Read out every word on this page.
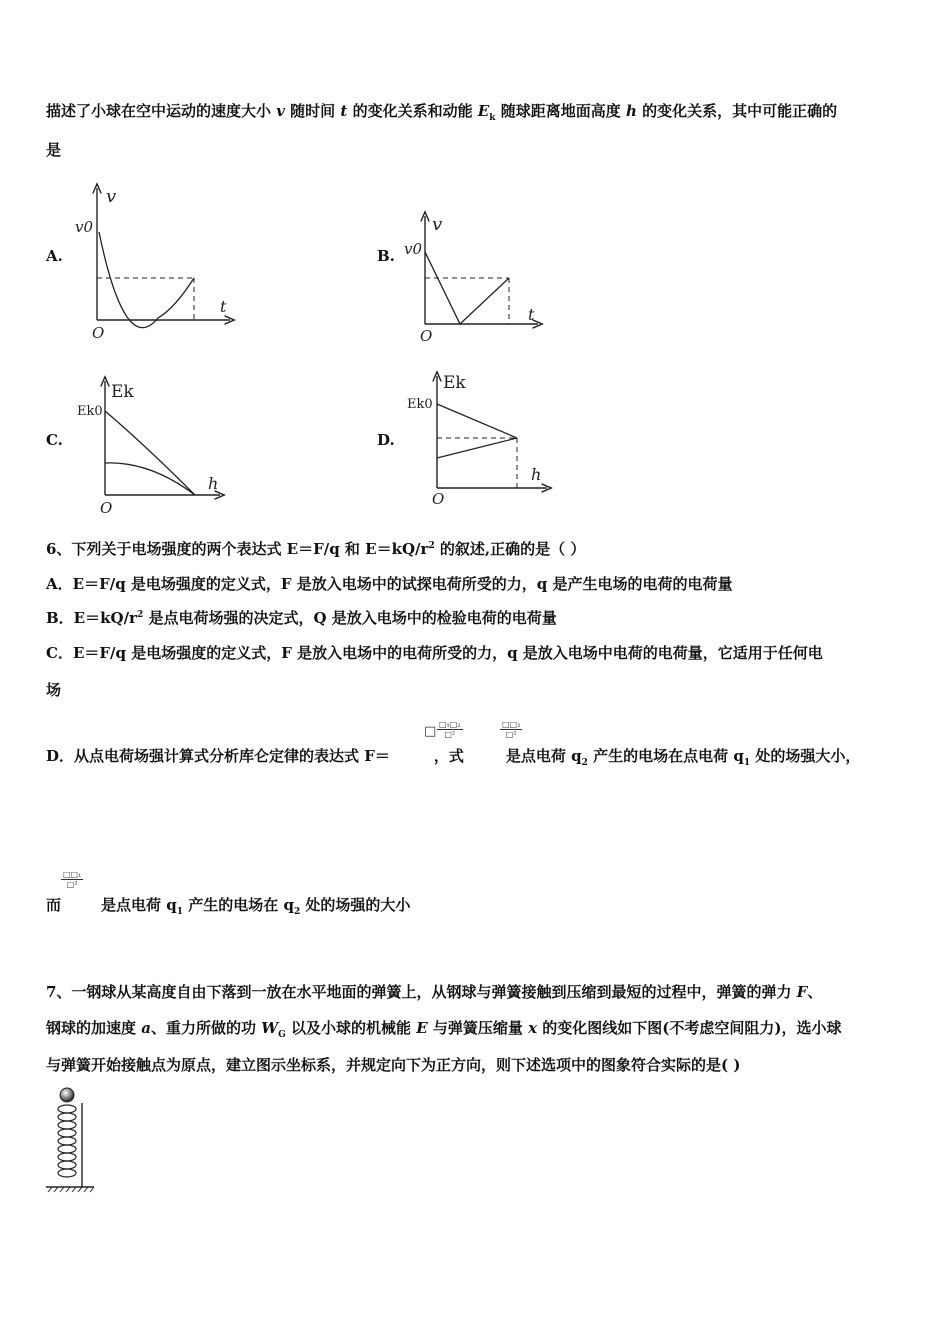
描述了小球在空中运动的速度大小 v 随时间 t 的变化关系和动能 $E_k$ 随球距离地面高度 h 的变化关系，其中可能正确的
是
A.
v
v0
t
O
B.
v
v0
t
O
C.
Ek
Ek0
h
O
D.
Ek
Ek0
h
O
6、下列关于电场强度的两个表达式 E＝F/q 和 $E=kQ/r^2$ 的叙述,正确的是（ ）
A．E＝F/q 是电场强度的定义式，F 是放入电场中的试探电荷所受的力，q 是产生电场的电荷的电荷量
B．$E=kQ/r^2$ 是点电荷场强的决定式，Q 是放入电场中的检验电荷的电荷量
C．E＝F/q 是电场强度的定义式，F 是放入电场中的电荷所受的力，q 是放入电场中电荷的电荷量，它适用于任何电
场
D．从点电荷场强计算式分析库仑定律的表达式 F＝	，式	是点电荷 $q_2$ 产生的电场在点电荷 $q_1$ 处的场强大小，
□ □₁□₂
□²
□□₂
□²
而	是点电荷 $q_1$ 产生的电场在 $q_2$ 处的场强的大小
□□₁
□²
7、一钢球从某高度自由下落到一放在水平地面的弹簧上，从钢球与弹簧接触到压缩到最短的过程中，弹簧的弹力 F、
钢球的加速度 a、重力所做的功 $W_G$ 以及小球的机械能 E 与弹簧压缩量 x 的变化图线如下图(不考虑空间阻力)，选小球
与弹簧开始接触点为原点，建立图示坐标系，并规定向下为正方向，则下述选项中的图象符合实际的是( )
